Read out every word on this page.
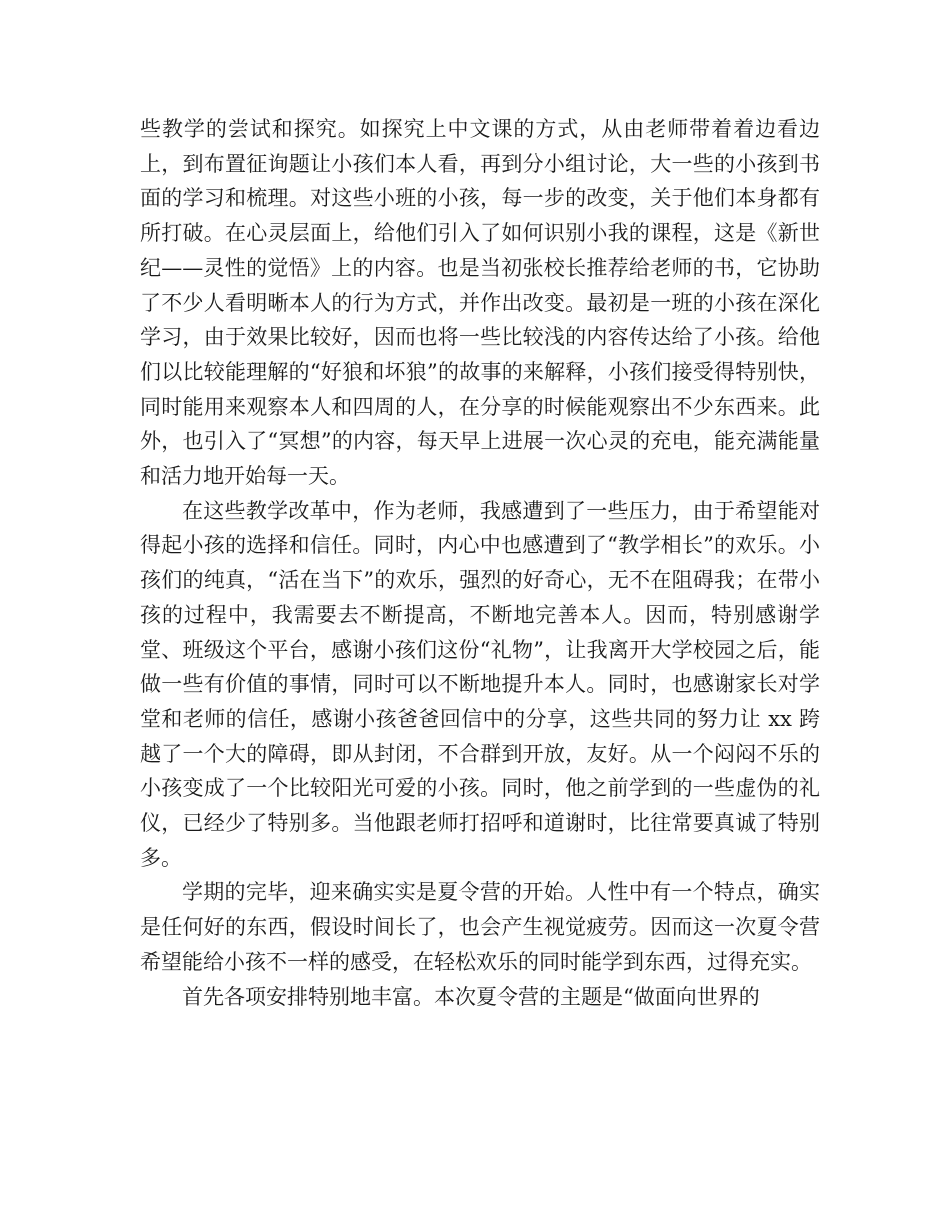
些教学的尝试和探究。如探究上中文课的方式，从由老师带着着边看边上，到布置征询题让小孩们本人看，再到分小组讨论，大一些的小孩到书面的学习和梳理。对这些小班的小孩，每一步的改变，关于他们本身都有所打破。在心灵层面上，给他们引入了如何识别小我的课程，这是《新世纪——灵性的觉悟》上的内容。也是当初张校长推荐给老师的书，它协助了不少人看明晰本人的行为方式，并作出改变。最初是一班的小孩在深化学习，由于效果比较好，因而也将一些比较浅的内容传达给了小孩。给他们以比较能理解的“好狼和坏狼”的故事的来解释，小孩们接受得特别快，同时能用来观察本人和四周的人，在分享的时候能观察出不少东西来。此外，也引入了“冥想”的内容，每天早上进展一次心灵的充电，能充满能量和活力地开始每一天。

在这些教学改革中，作为老师，我感遭到了一些压力，由于希望能对得起小孩的选择和信任。同时，内心中也感遭到了“教学相长”的欢乐。小孩们的纯真，“活在当下”的欢乐，强烈的好奇心，无不在阻碍我；在带小孩的过程中，我需要去不断提高，不断地完善本人。因而，特别感谢学堂、班级这个平台，感谢小孩们这份“礼物”，让我离开大学校园之后，能做一些有价值的事情，同时可以不断地提升本人。同时，也感谢家长对学堂和老师的信任，感谢小孩爸爸回信中的分享，这些共同的努力让 xx 跨越了一个大的障碍，即从封闭，不合群到开放，友好。从一个闷闷不乐的小孩变成了一个比较阳光可爱的小孩。同时，他之前学到的一些虚伪的礼仪，已经少了特别多。当他跟老师打招呼和道谢时，比往常要真诚了特别多。

学期的完毕，迎来确实实是夏令营的开始。人性中有一个特点，确实是任何好的东西，假设时间长了，也会产生视觉疲劳。因而这一次夏令营希望能给小孩不一样的感受，在轻松欢乐的同时能学到东西，过得充实。

首先各项安排特别地丰富。本次夏令营的主题是“做面向世界的
